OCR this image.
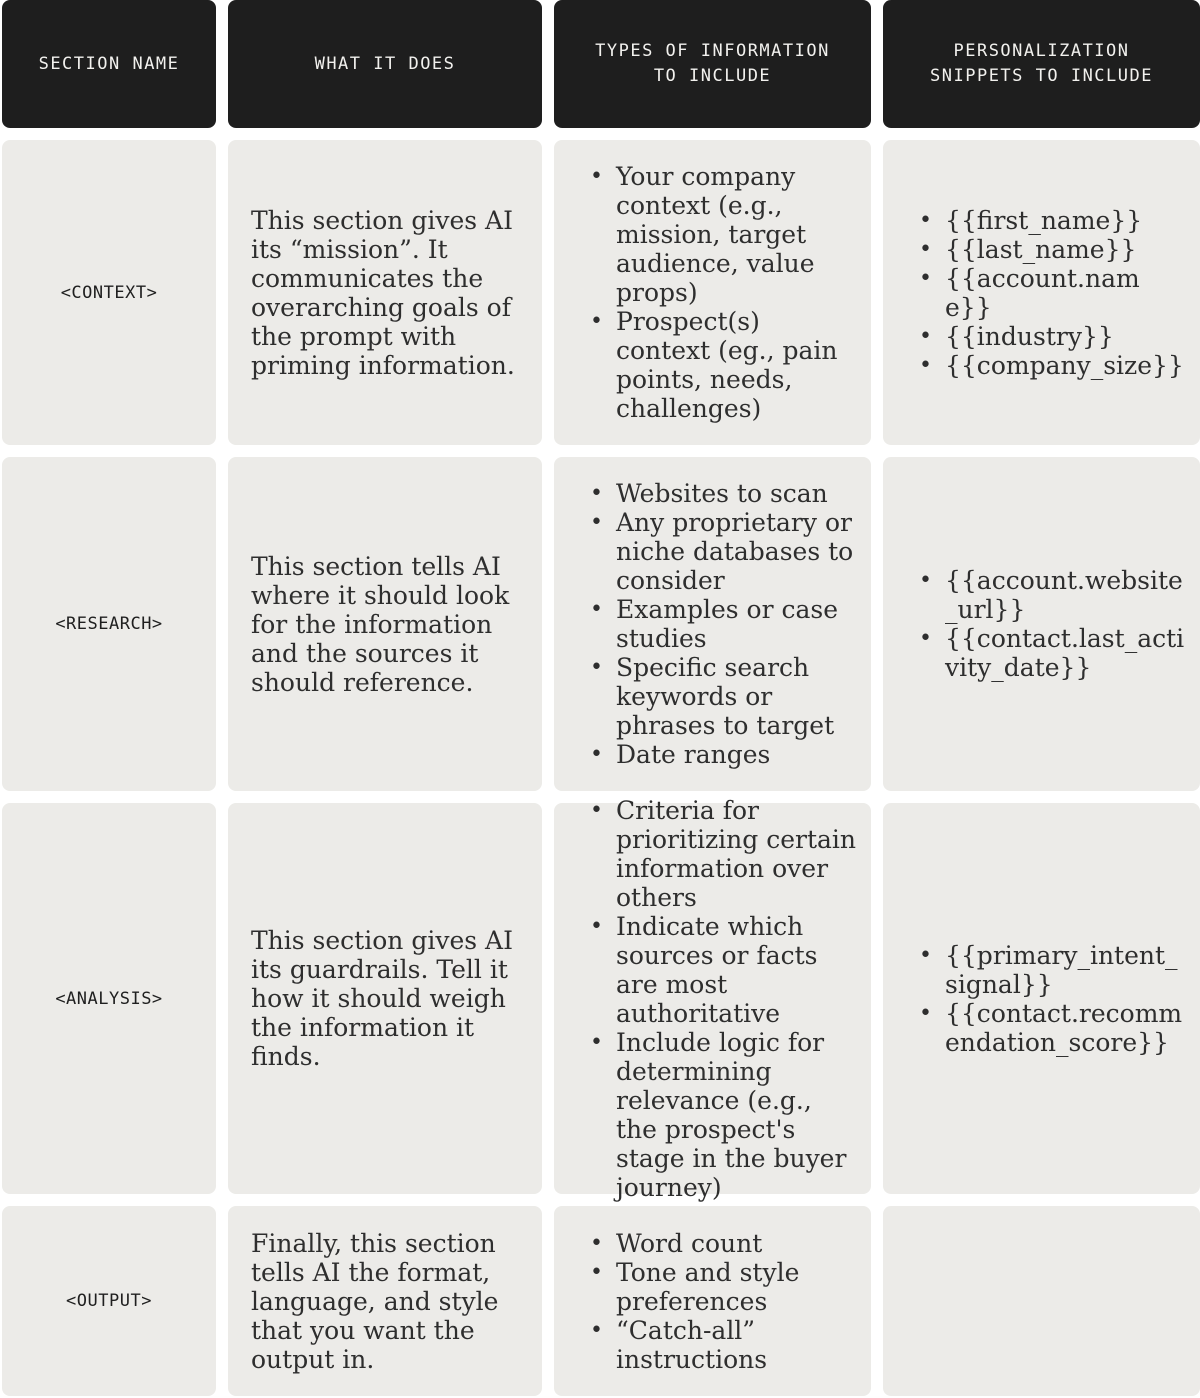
SECTION NAME	WHAT IT DOES
TYPES OF INFORMATION
TO INCLUDE
PERSONALIZATION
SNIPPETS TO INCLUDE
<CONTEXT>
This section gives AI its “mission”. It communicates the overarching goals of the prompt with priming information.
• Your company context (e.g., mission, target audience, value props)
• Prospect(s) context (eg., pain points, needs, challenges)
• {{first_name}}
• {{last_name}}
• {{account.name}}
• {{industry}}
• {{company_size}}
<RESEARCH>
This section tells AI where it should look for the information and the sources it should reference.
• Websites to scan
• Any proprietary or niche databases to consider
• Examples or case studies
• Specific search keywords or phrases to target
• Date ranges
• {{account.website_url}}
• {{contact.last_activity_date}}
<ANALYSIS>
This section gives AI its guardrails. Tell it how it should weigh the information it finds.
• Criteria for prioritizing certain information over others
• Indicate which sources or facts are most authoritative
• Include logic for determining relevance (e.g., the prospect's stage in the buyer journey)
• {{primary_intent_signal}}
• {{contact.recommendation_score}}
<OUTPUT>
Finally, this section tells AI the format, language, and style that you want the output in.
• Word count
• Tone and style preferences
• “Catch-all” instructions
